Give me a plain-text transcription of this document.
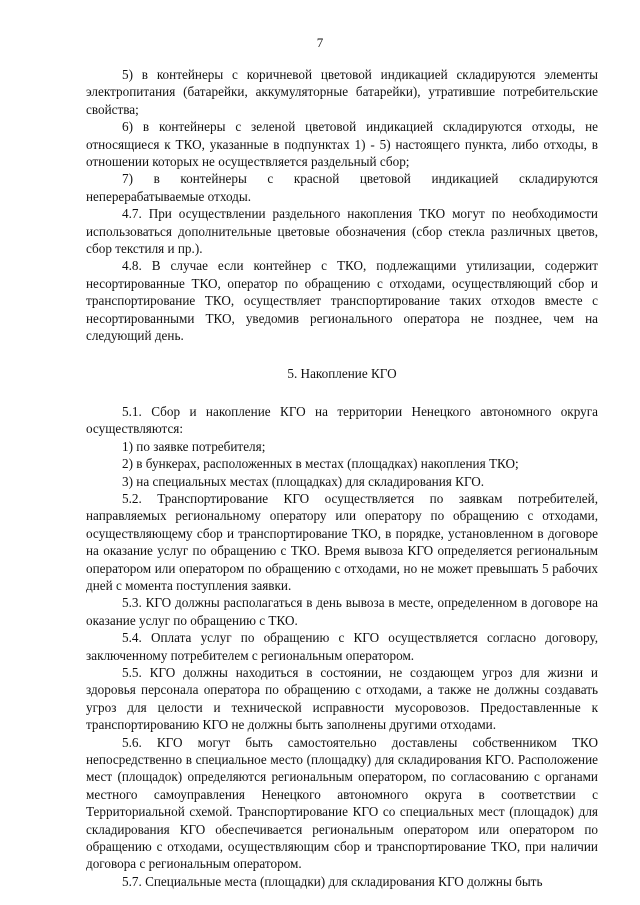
7

5) в контейнеры с коричневой цветовой индикацией складируются элементы электропитания (батарейки, аккумуляторные батарейки), утратившие потребительские свойства;

6) в контейнеры с зеленой цветовой индикацией складируются отходы, не относящиеся к ТКО, указанные в подпунктах 1) - 5) настоящего пункта, либо отходы, в отношении которых не осуществляется раздельный сбор;

7) в контейнеры с красной цветовой индикацией складируются неперерабатываемые отходы.

4.7. При осуществлении раздельного накопления ТКО могут по необходимости использоваться дополнительные цветовые обозначения (сбор стекла различных цветов, сбор текстиля и пр.).

4.8. В случае если контейнер с ТКО, подлежащими утилизации, содержит несортированные ТКО, оператор по обращению с отходами, осуществляющий сбор и транспортирование ТКО, осуществляет транспортирование таких отходов вместе с несортированными ТКО, уведомив регионального оператора не позднее, чем на следующий день.

5. Накопление КГО

5.1. Сбор и накопление КГО на территории Ненецкого автономного округа осуществляются:

1) по заявке потребителя;

2) в бункерах, расположенных в местах (площадках) накопления ТКО;

3) на специальных местах (площадках) для складирования КГО.

5.2. Транспортирование КГО осуществляется по заявкам потребителей, направляемых региональному оператору или оператору по обращению с отходами, осуществляющему сбор и транспортирование ТКО, в порядке, установленном в договоре на оказание услуг по обращению с ТКО. Время вывоза КГО определяется региональным оператором или оператором по обращению с отходами, но не может превышать 5 рабочих дней с момента поступления заявки.

5.3. КГО должны располагаться в день вывоза в месте, определенном в договоре на оказание услуг по обращению с ТКО.

5.4. Оплата услуг по обращению с КГО осуществляется согласно договору, заключенному потребителем с региональным оператором.

5.5. КГО должны находиться в состоянии, не создающем угроз для жизни и здоровья персонала оператора по обращению с отходами, а также не должны создавать угроз для целости и технической исправности мусоровозов. Предоставленные к транспортированию КГО не должны быть заполнены другими отходами.

5.6. КГО могут быть самостоятельно доставлены собственником ТКО непосредственно в специальное место (площадку) для складирования КГО. Расположение мест (площадок) определяются региональным оператором, по согласованию с органами местного самоуправления Ненецкого автономного округа в соответствии с Территориальной схемой. Транспортирование КГО со специальных мест (площадок) для складирования КГО обеспечивается региональным оператором или оператором по обращению с отходами, осуществляющим сбор и транспортирование ТКО, при наличии договора с региональным оператором.

5.7. Специальные места (площадки) для складирования КГО должны быть
